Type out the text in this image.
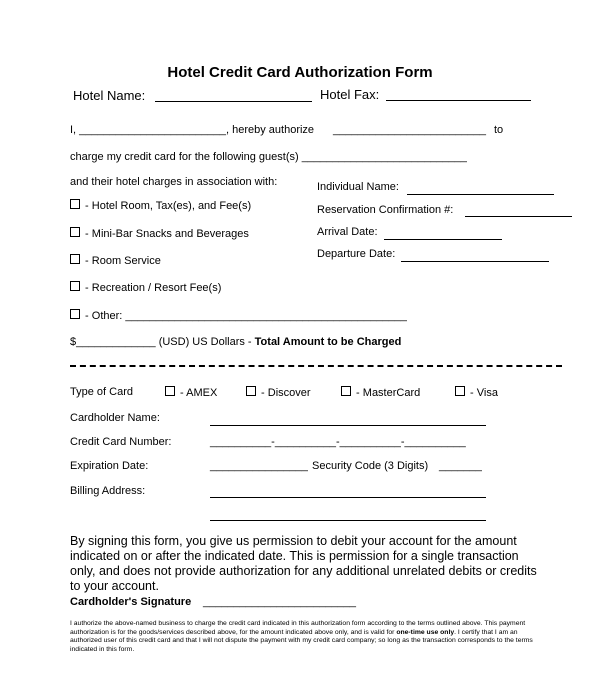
Hotel Credit Card Authorization Form
Hotel Name:	Hotel Fax:
I, ________________________, hereby authorize _________________________ to
charge my credit card for the following guest(s) ___________________________
and their hotel charges in association with:
- Hotel Room, Tax(es), and Fee(s)
- Mini-Bar Snacks and Beverages
- Room Service
- Recreation / Resort Fee(s)
- Other: ______________________________________________
Individual Name:
Reservation Confirmation #:
Arrival Date:
Departure Date:
$_____________ (USD) US Dollars - Total Amount to be Charged
Type of Card	- AMEX	- Discover	- MasterCard	- Visa
Cardholder Name:
Credit Card Number:	__________-__________-__________-__________
Expiration Date:	________________ Security Code (3 Digits) _______
Billing Address:
By signing this form, you give us permission to debit your account for the amount indicated on or after the indicated date. This is permission for a single transaction only, and does not provide authorization for any additional unrelated debits or credits to your account.
Cardholder's Signature _________________________
I authorize the above-named business to charge the credit card indicated in this authorization form according to the terms outlined above. This payment authorization is for the goods/services described above, for the amount indicated above only, and is valid for one-time use only. I certify that I am an authorized user of this credit card and that I will not dispute the payment with my credit card company; so long as the transaction corresponds to the terms indicated in this form.
